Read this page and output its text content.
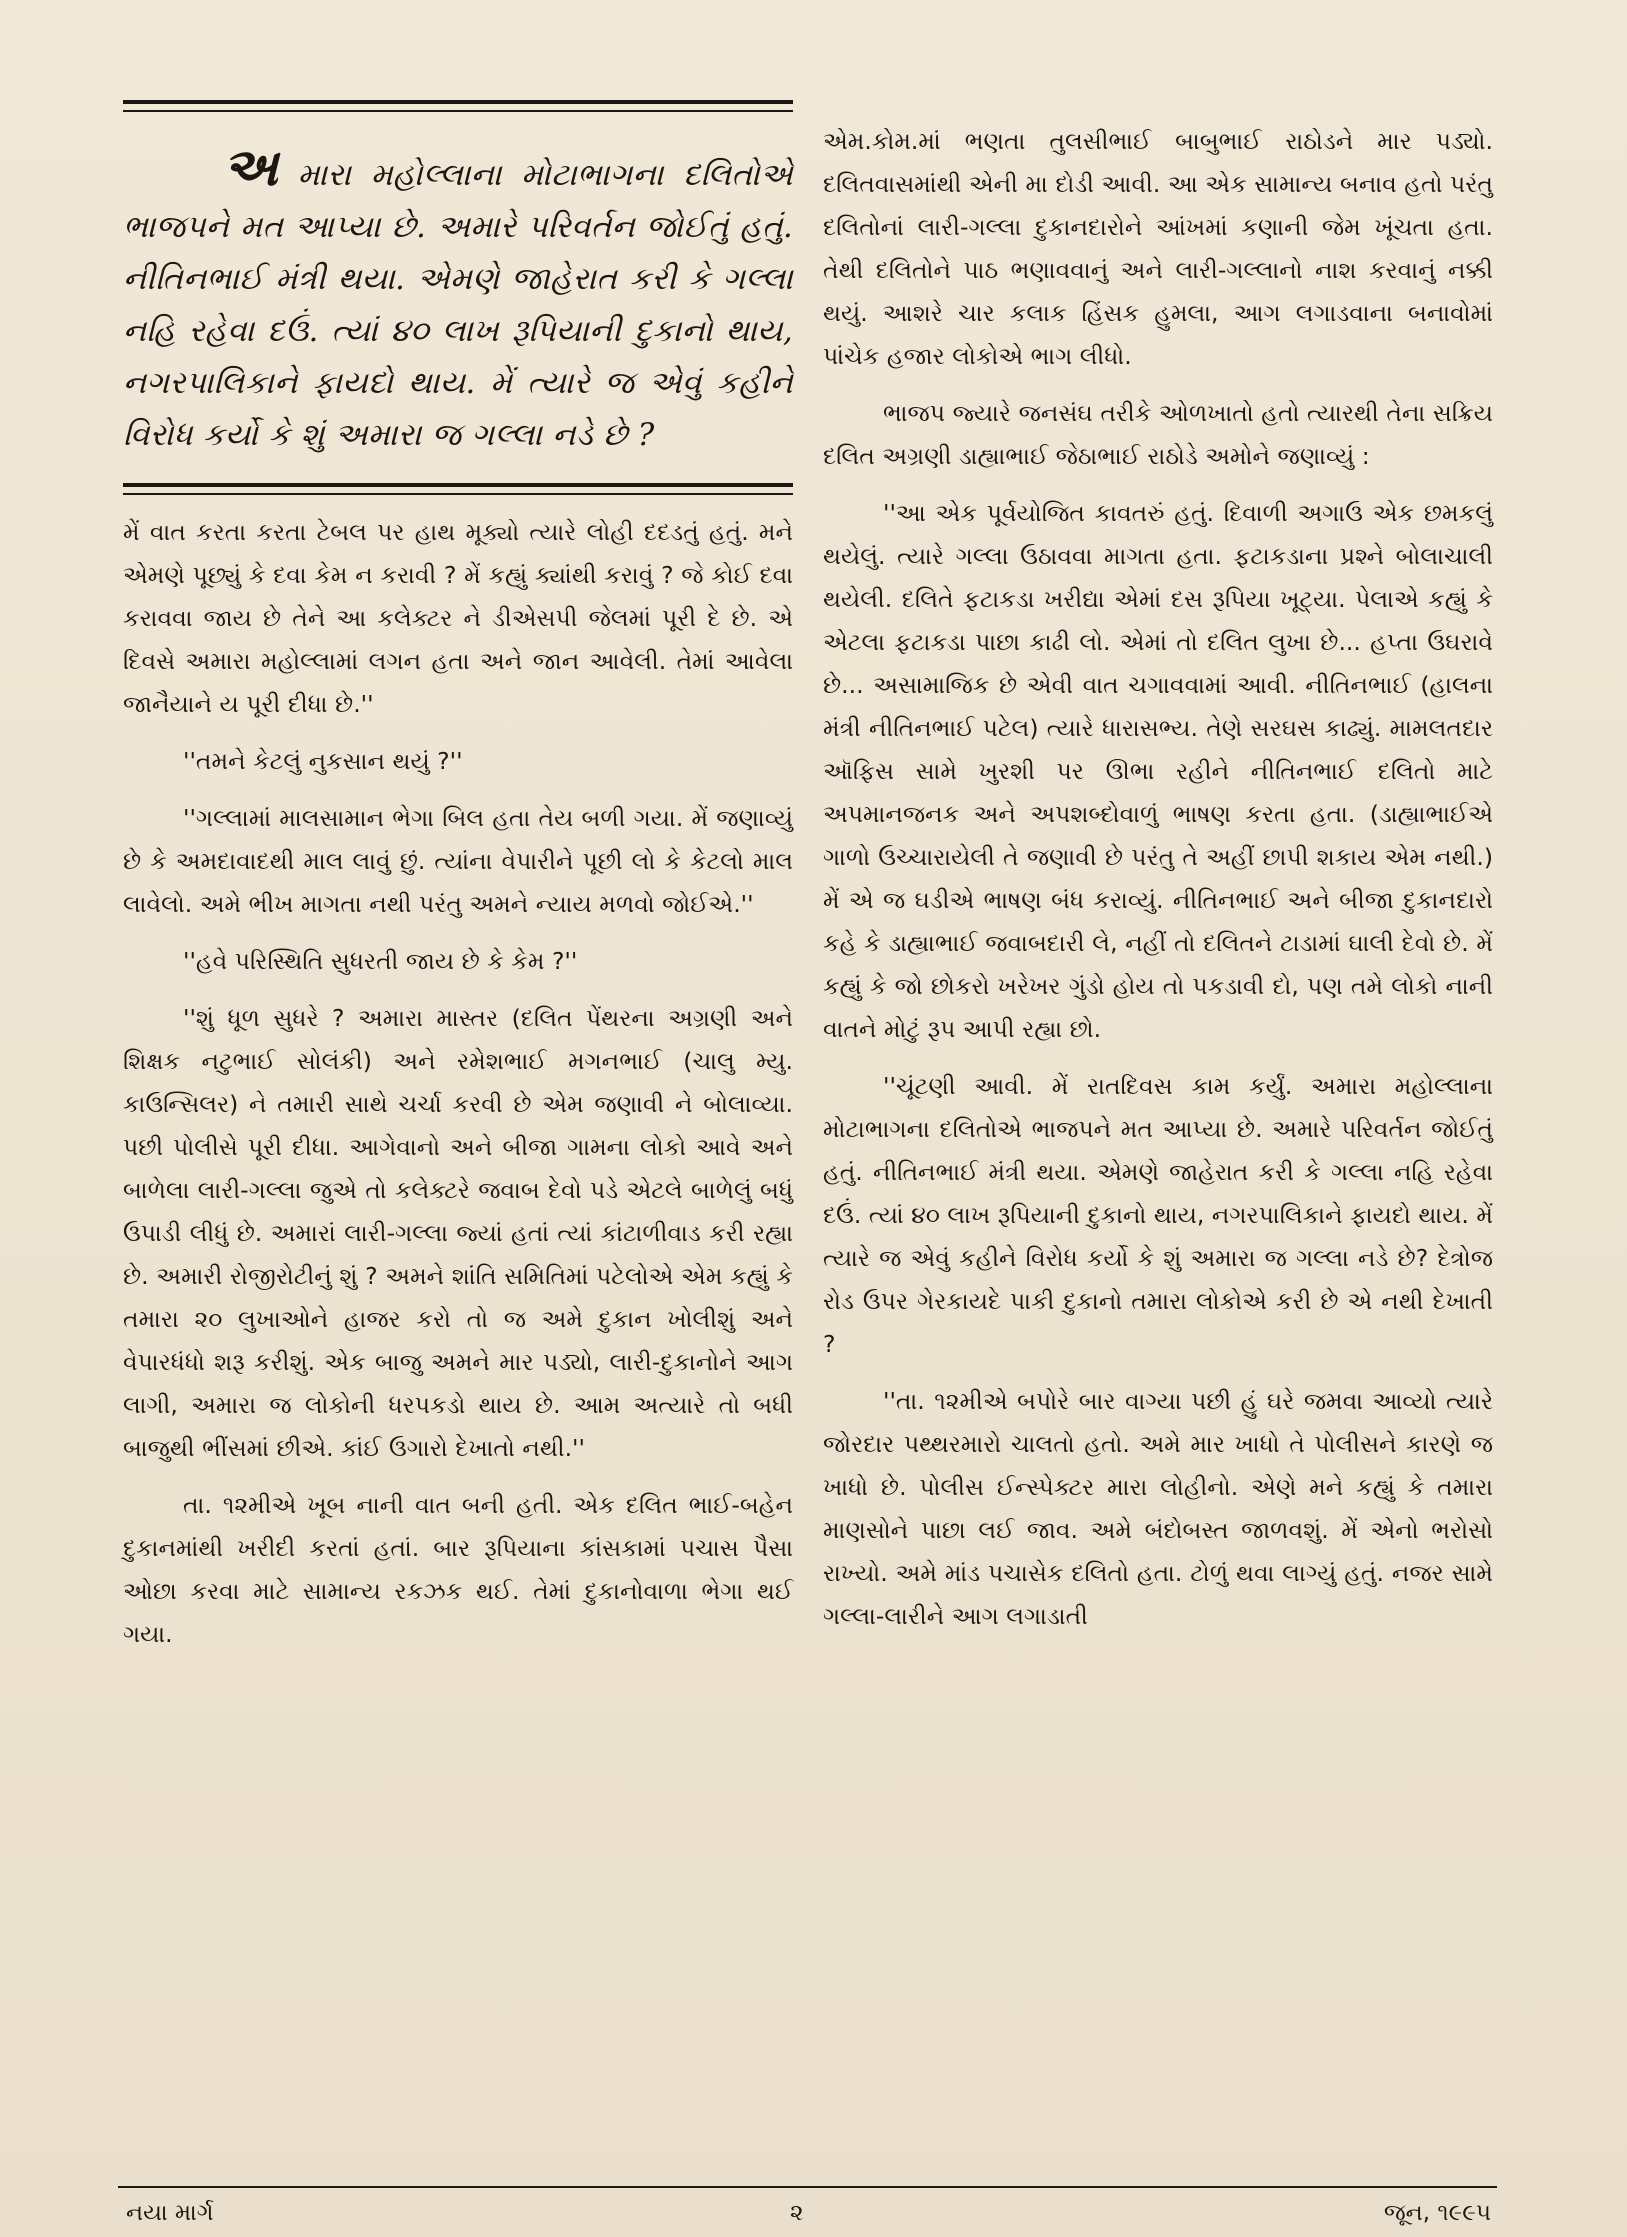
અ મારા મહોલ્લાના મોટાભાગના દલિતોએ ભાજપને મત આપ્યા છે. અમારે પરિવર્તન જોઈતું હતું. નીતિનભાઈ મંત્રી થયા. એમણે જાહેરાત કરી કે ગલ્લા નહિ રહેવા દઉં. ત્યાં ૪૦ લાખ રૂપિયાની દુકાનો થાય, નગરપાલિકાને ફાયદો થાય. મેં ત્યારે જ એવું કહીને વિરોધ કર્યો કે શું અમારા જ ગલ્લા નડે છે ?

મેં વાત કરતા કરતા ટેબલ પર હાથ મૂક્યો ત્યારે લોહી દદડતું હતું. મને એમણે પૂછ્યું કે દવા કેમ ન કરાવી ? મેં કહ્યું ક્યાંથી કરાવું ? જે કોઈ દવા કરાવવા જાય છે તેને આ કલેક્ટર ને ડીએસપી જેલમાં પૂરી દે છે. એ દિવસે અમારા મહોલ્લામાં લગન હતા અને જાન આવેલી. તેમાં આવેલા જાનૈયાને ય પૂરી દીધા છે.''

''તમને કેટલું નુકસાન થયું ?''

''ગલ્લામાં માલસામાન ભેગા બિલ હતા તેય બળી ગયા. મેં જણાવ્યું છે કે અમદાવાદથી માલ લાવું છું. ત્યાંના વેપારીને પૂછી લો કે કેટલો માલ લાવેલો. અમે ભીખ માગતા નથી પરંતુ અમને ન્યાય મળવો જોઈએ.''

''હવે પરિસ્થિતિ સુધરતી જાય છે કે કેમ ?''

''શું ધૂળ સુધરે ? અમારા માસ્તર (દલિત પેંથરના અગ્રણી અને શિક્ષક નટુભાઈ સોલંકી) અને રમેશભાઈ મગનભાઈ (ચાલુ મ્યુ. કાઉન્સિલર) ને તમારી સાથે ચર્ચા કરવી છે એમ જણાવી ને બોલાવ્યા. પછી પોલીસે પૂરી દીધા. આગેવાનો અને બીજા ગામના લોકો આવે અને બાળેલા લારી-ગલ્લા જુએ તો કલેક્ટરે જવાબ દેવો પડે એટલે બાળેલું બધું ઉપાડી લીધું છે. અમારાં લારી-ગલ્લા જ્યાં હતાં ત્યાં કાંટાળીવાડ કરી રહ્યા છે. અમારી રોજીરોટીનું શું ? અમને શાંતિ સમિતિમાં પટેલોએ એમ કહ્યું કે તમારા ૨૦ લુખાઓને હાજર કરો તો જ અમે દુકાન ખોલીશું અને વેપારધંધો શરૂ કરીશું. એક બાજુ અમને માર પડ્યો, લારી-દુકાનોને આગ લાગી, અમારા જ લોકોની ધરપકડો થાય છે. આમ અત્યારે તો બધી બાજુથી ભીંસમાં છીએ. કાંઈ ઉગારો દેખાતો નથી.''

તા. ૧૨મીએ ખૂબ નાની વાત બની હતી. એક દલિત ભાઈ-બહેન દુકાનમાંથી ખરીદી કરતાં હતાં. બાર રૂપિયાના કાંસકામાં પચાસ પૈસા ઓછા કરવા માટે સામાન્ય રકઝક થઈ. તેમાં દુકાનોવાળા ભેગા થઈ ગયા.

એમ.કોમ.માં ભણતા તુલસીભાઈ બાબુભાઈ રાઠોડને માર પડ્યો. દલિતવાસમાંથી એની મા દોડી આવી. આ એક સામાન્ય બનાવ હતો પરંતુ દલિતોનાં લારી-ગલ્લા દુકાનદારોને આંખમાં કણાની જેમ ખૂંચતા હતા. તેથી દલિતોને પાઠ ભણાવવાનું અને લારી-ગલ્લાનો નાશ કરવાનું નક્કી થયું. આશરે ચાર કલાક હિંસક હુમલા, આગ લગાડવાના બનાવોમાં પાંચેક હજાર લોકોએ ભાગ લીધો.

ભાજપ જ્યારે જનસંઘ તરીકે ઓળખાતો હતો ત્યારથી તેના સક્રિય દલિત અગ્રણી ડાહ્યાભાઈ જેઠાભાઈ રાઠોડે અમોને જણાવ્યું :

''આ એક પૂર્વયોજિત કાવતરું હતું. દિવાળી અગાઉ એક છમકલું થયેલું. ત્યારે ગલ્લા ઉઠાવવા માગતા હતા. ફટાકડાના પ્રશ્ને બોલાચાલી થયેલી. દલિતે ફટાકડા ખરીદ્યા એમાં દસ રૂપિયા ખૂટ્યા. પેલાએ કહ્યું કે એટલા ફટાકડા પાછા કાઢી લો. એમાં તો દલિત લુખા છે... હપ્તા ઉઘરાવે છે... અસામાજિક છે એવી વાત ચગાવવામાં આવી. નીતિનભાઈ (હાલના મંત્રી નીતિનભાઈ પટેલ) ત્યારે ધારાસભ્ય. તેણે સરઘસ કાઢ્યું. મામલતદાર ઑફિસ સામે ખુરશી પર ઊભા રહીને નીતિનભાઈ દલિતો માટે અપમાનજનક અને અપશબ્દોવાળું ભાષણ કરતા હતા. (ડાહ્યાભાઈએ ગાળો ઉચ્ચારાયેલી તે જણાવી છે પરંતુ તે અહીં છાપી શકાય એમ નથી.) મેં એ જ ઘડીએ ભાષણ બંધ કરાવ્યું. નીતિનભાઈ અને બીજા દુકાનદારો કહે કે ડાહ્યાભાઈ જવાબદારી લે, નહીં તો દલિતને ટાડામાં ઘાલી દેવો છે. મેં કહ્યું કે જો છોકરો ખરેખર ગુંડો હોય તો પકડાવી દો, પણ તમે લોકો નાની વાતને મોટું રૂપ આપી રહ્યા છો.

''ચૂંટણી આવી. મેં રાતદિવસ કામ કર્યું. અમારા મહોલ્લાના મોટાભાગના દલિતોએ ભાજપને મત આપ્યા છે. અમારે પરિવર્તન જોઈતું હતું. નીતિનભાઈ મંત્રી થયા. એમણે જાહેરાત કરી કે ગલ્લા નહિ રહેવા દઉં. ત્યાં ૪૦ લાખ રૂપિયાની દુકાનો થાય, નગરપાલિકાને ફાયદો થાય. મેં ત્યારે જ એવું કહીને વિરોધ કર્યો કે શું અમારા જ ગલ્લા નડે છે? દેત્રોજ રોડ ઉપર ગેરકાયદે પાકી દુકાનો તમારા લોકોએ કરી છે એ નથી દેખાતી ?

''તા. ૧૨મીએ બપોરે બાર વાગ્યા પછી હું ઘરે જમવા આવ્યો ત્યારે જોરદાર પથ્થરમારો ચાલતો હતો. અમે માર ખાધો તે પોલીસને કારણે જ ખાધો છે. પોલીસ ઈન્સ્પેક્ટર મારા લોહીનો. એણે મને કહ્યું કે તમારા માણસોને પાછા લઈ જાવ. અમે બંદોબસ્ત જાળવશું. મેં એનો ભરોસો રાખ્યો. અમે માંડ પચાસેક દલિતો હતા. ટોળું થવા લાગ્યું હતું. નજર સામે ગલ્લા-લારીને આગ લગાડાતી

નયા માર્ગ	૨	જૂન, ૧૯૯૫
